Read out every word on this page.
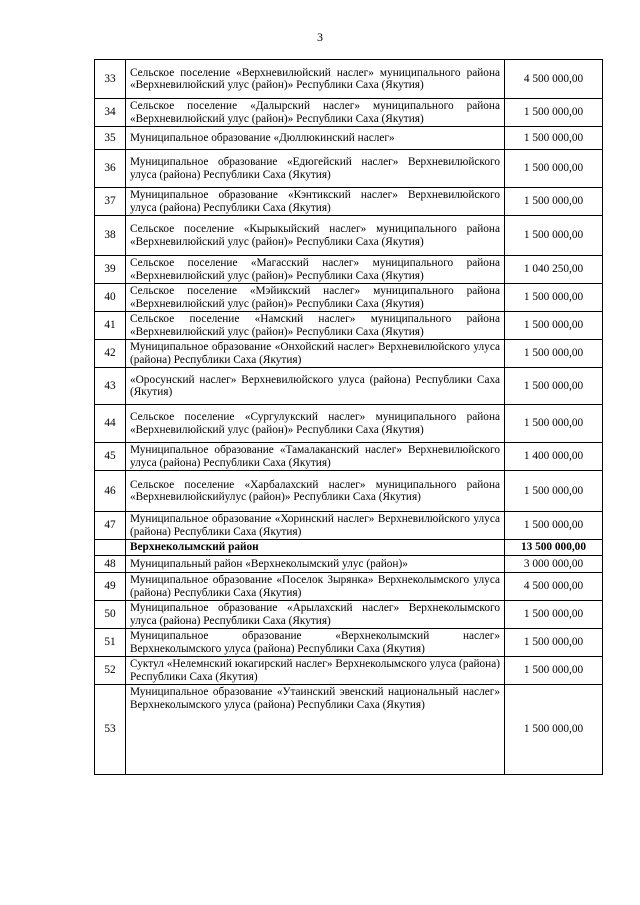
3
33	Сельское поселение «Верхневилюйский наслег» муниципального района «Верхневилюйский улус (район)» Республики Саха (Якутия)	4 500 000,00
34	Сельское поселение «Далырский наслег» муниципального района «Верхневилюйский улус (район)» Республики Саха (Якутия)	1 500 000,00
35	Муниципальное образование «Дюллюкинский наслег»	1 500 000,00
36	Муниципальное образование «Едюгейский наслег» Верхневилюйского улуса (района) Республики Саха (Якутия)	1 500 000,00
37	Муниципальное образование «Кэнтикский наслег» Верхневилюйского улуса (района) Республики Саха (Якутия)	1 500 000,00
38	Сельское поселение «Кырыкыйский наслег» муниципального района «Верхневилюйский улус (район)» Республики Саха (Якутия)	1 500 000,00
39	Сельское поселение «Магасский наслег» муниципального района «Верхневилюйский улус (район)» Республики Саха (Якутия)	1 040 250,00
40	Сельское поселение «Мэйикский наслег» муниципального района «Верхневилюйский улус (район)» Республики Саха (Якутия)	1 500 000,00
41	Сельское поселение «Намский наслег» муниципального района «Верхневилюйский улус (район)» Республики Саха (Якутия)	1 500 000,00
42	Муниципальное образование «Онхойский наслег» Верхневилюйского улуса (района) Республики Саха (Якутия)	1 500 000,00
43	«Оросунский наслег» Верхневилюйского улуса (района) Республики Саха (Якутия)	1 500 000,00
44	Сельское поселение «Сургулукский наслег» муниципального района «Верхневилюйский улус (район)» Республики Саха (Якутия)	1 500 000,00
45	Муниципальное образование «Тамалаканский наслег» Верхневилюйского улуса (района) Республики Саха (Якутия)	1 400 000,00
46	Сельское поселение «Харбалахский наслег» муниципального района «Верхневилюйскийулус (район)» Республики Саха (Якутия)	1 500 000,00
47	Муниципальное образование «Хоринский наслег» Верхневилюйского улуса (района) Республики Саха (Якутия)	1 500 000,00
	Верхнеколымский район	13 500 000,00
48	Муниципальный район «Верхнеколымский улус (район)»	3 000 000,00
49	Муниципальное образование «Поселок Зырянка» Верхнеколымского улуса (района) Республики Саха (Якутия)	4 500 000,00
50	Муниципальное образование «Арылахский наслег» Верхнеколымского улуса (района) Республики Саха (Якутия)	1 500 000,00
51	Муниципальное образование «Верхнеколымский наслег» Верхнеколымского улуса (района) Республики Саха (Якутия)	1 500 000,00
52	Суктул «Нелемнский юкагирский наслег» Верхнеколымского улуса (района) Республики Саха (Якутия)	1 500 000,00
53	Муниципальное образование «Утаинский эвенский национальный наслег» Верхнеколымского улуса (района) Республики Саха (Якутия)	1 500 000,00
